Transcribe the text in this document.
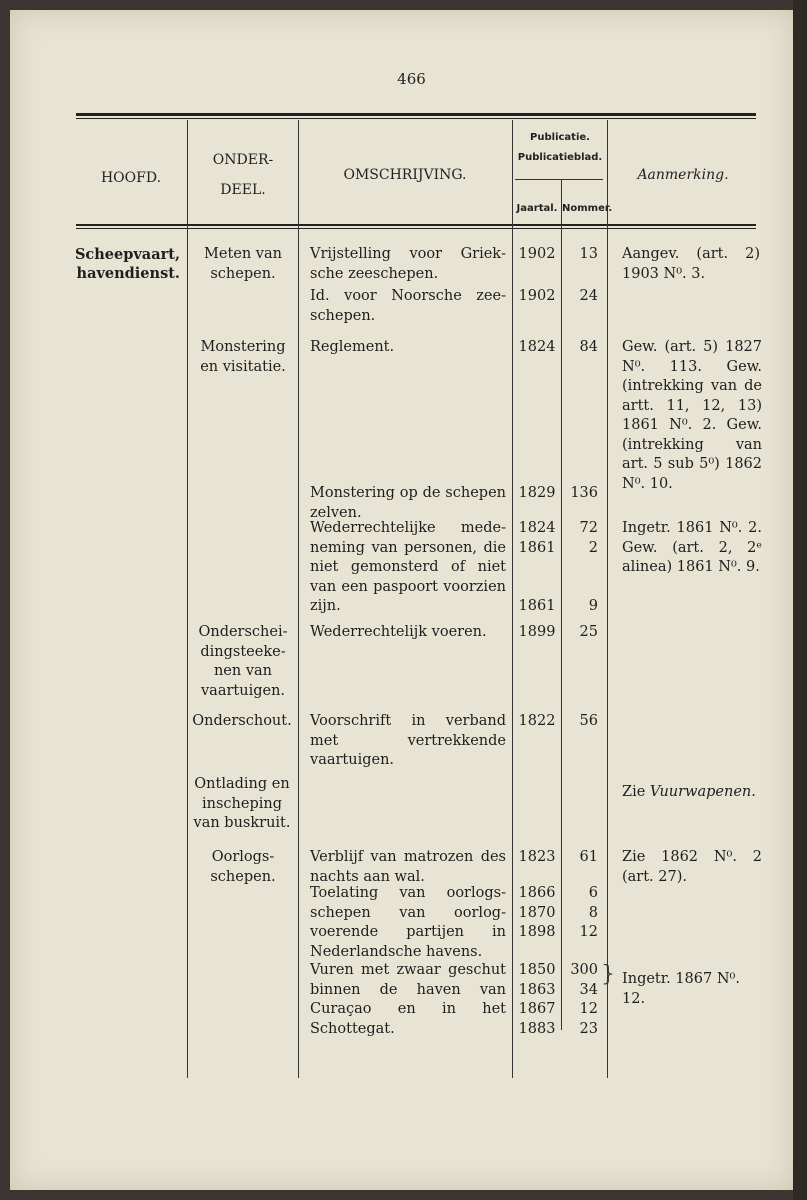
466
HOOFD.
ONDER-
DEEL.
OMSCHRIJVING.
Publicatie.
Publicatieblad.
Jaartal. Nommer.
Aanmerking.
Scheepvaart,
havendienst.
Meten van
schepen.
Monstering
en visitatie.
Onderschei-
dingsteeke-
nen van
vaartuigen.
Onderschout.
Ontlading en
inscheping
van buskruit.
Oorlogs-
schepen.
Vrijstelling voor Grieksche zeeschepen.
Id. voor Noorsche zeeschepen.
Reglement.
Monstering op de schepen zelven.
Wederrechtelijke medeneming van personen, die niet gemonsterd of niet van een paspoort voorzien zijn.
Wederrechtelijk voeren.
Voorschrift in verband met vertrekkende vaartuigen.
Verblijf van matrozen des nachts aan wal.
Toelating van oorlogsschepen van oorlogvoerende partijen in Nederlandsche havens.
Vuren met zwaar geschut binnen de haven van Curaçao en in het Schottegat.
1902
1902
1824
1829
1824
1861

1861
1899
1822
1823
1866
1870
1898
1850
1863
1867
1883
13
24
84
136
72
2

9
25
56
61
6
8
12
300
34
12
23
}
Aangev. (art. 2) 1903 N⁰. 3.
Gew. (art. 5) 1827 N⁰. 113. Gew. (intrekking van de artt. 11, 12, 13) 1861 N⁰. 2. Gew. (intrekking van art. 5 sub 5⁰) 1862 N⁰. 10.
Ingetr. 1861 N⁰. 2. Gew. (art. 2, 2ᵉ alinea) 1861 N⁰. 9.
Zie Vuurwapenen.
Zie 1862 N⁰. 2 (art. 27).
Ingetr. 1867 N⁰. 12.
